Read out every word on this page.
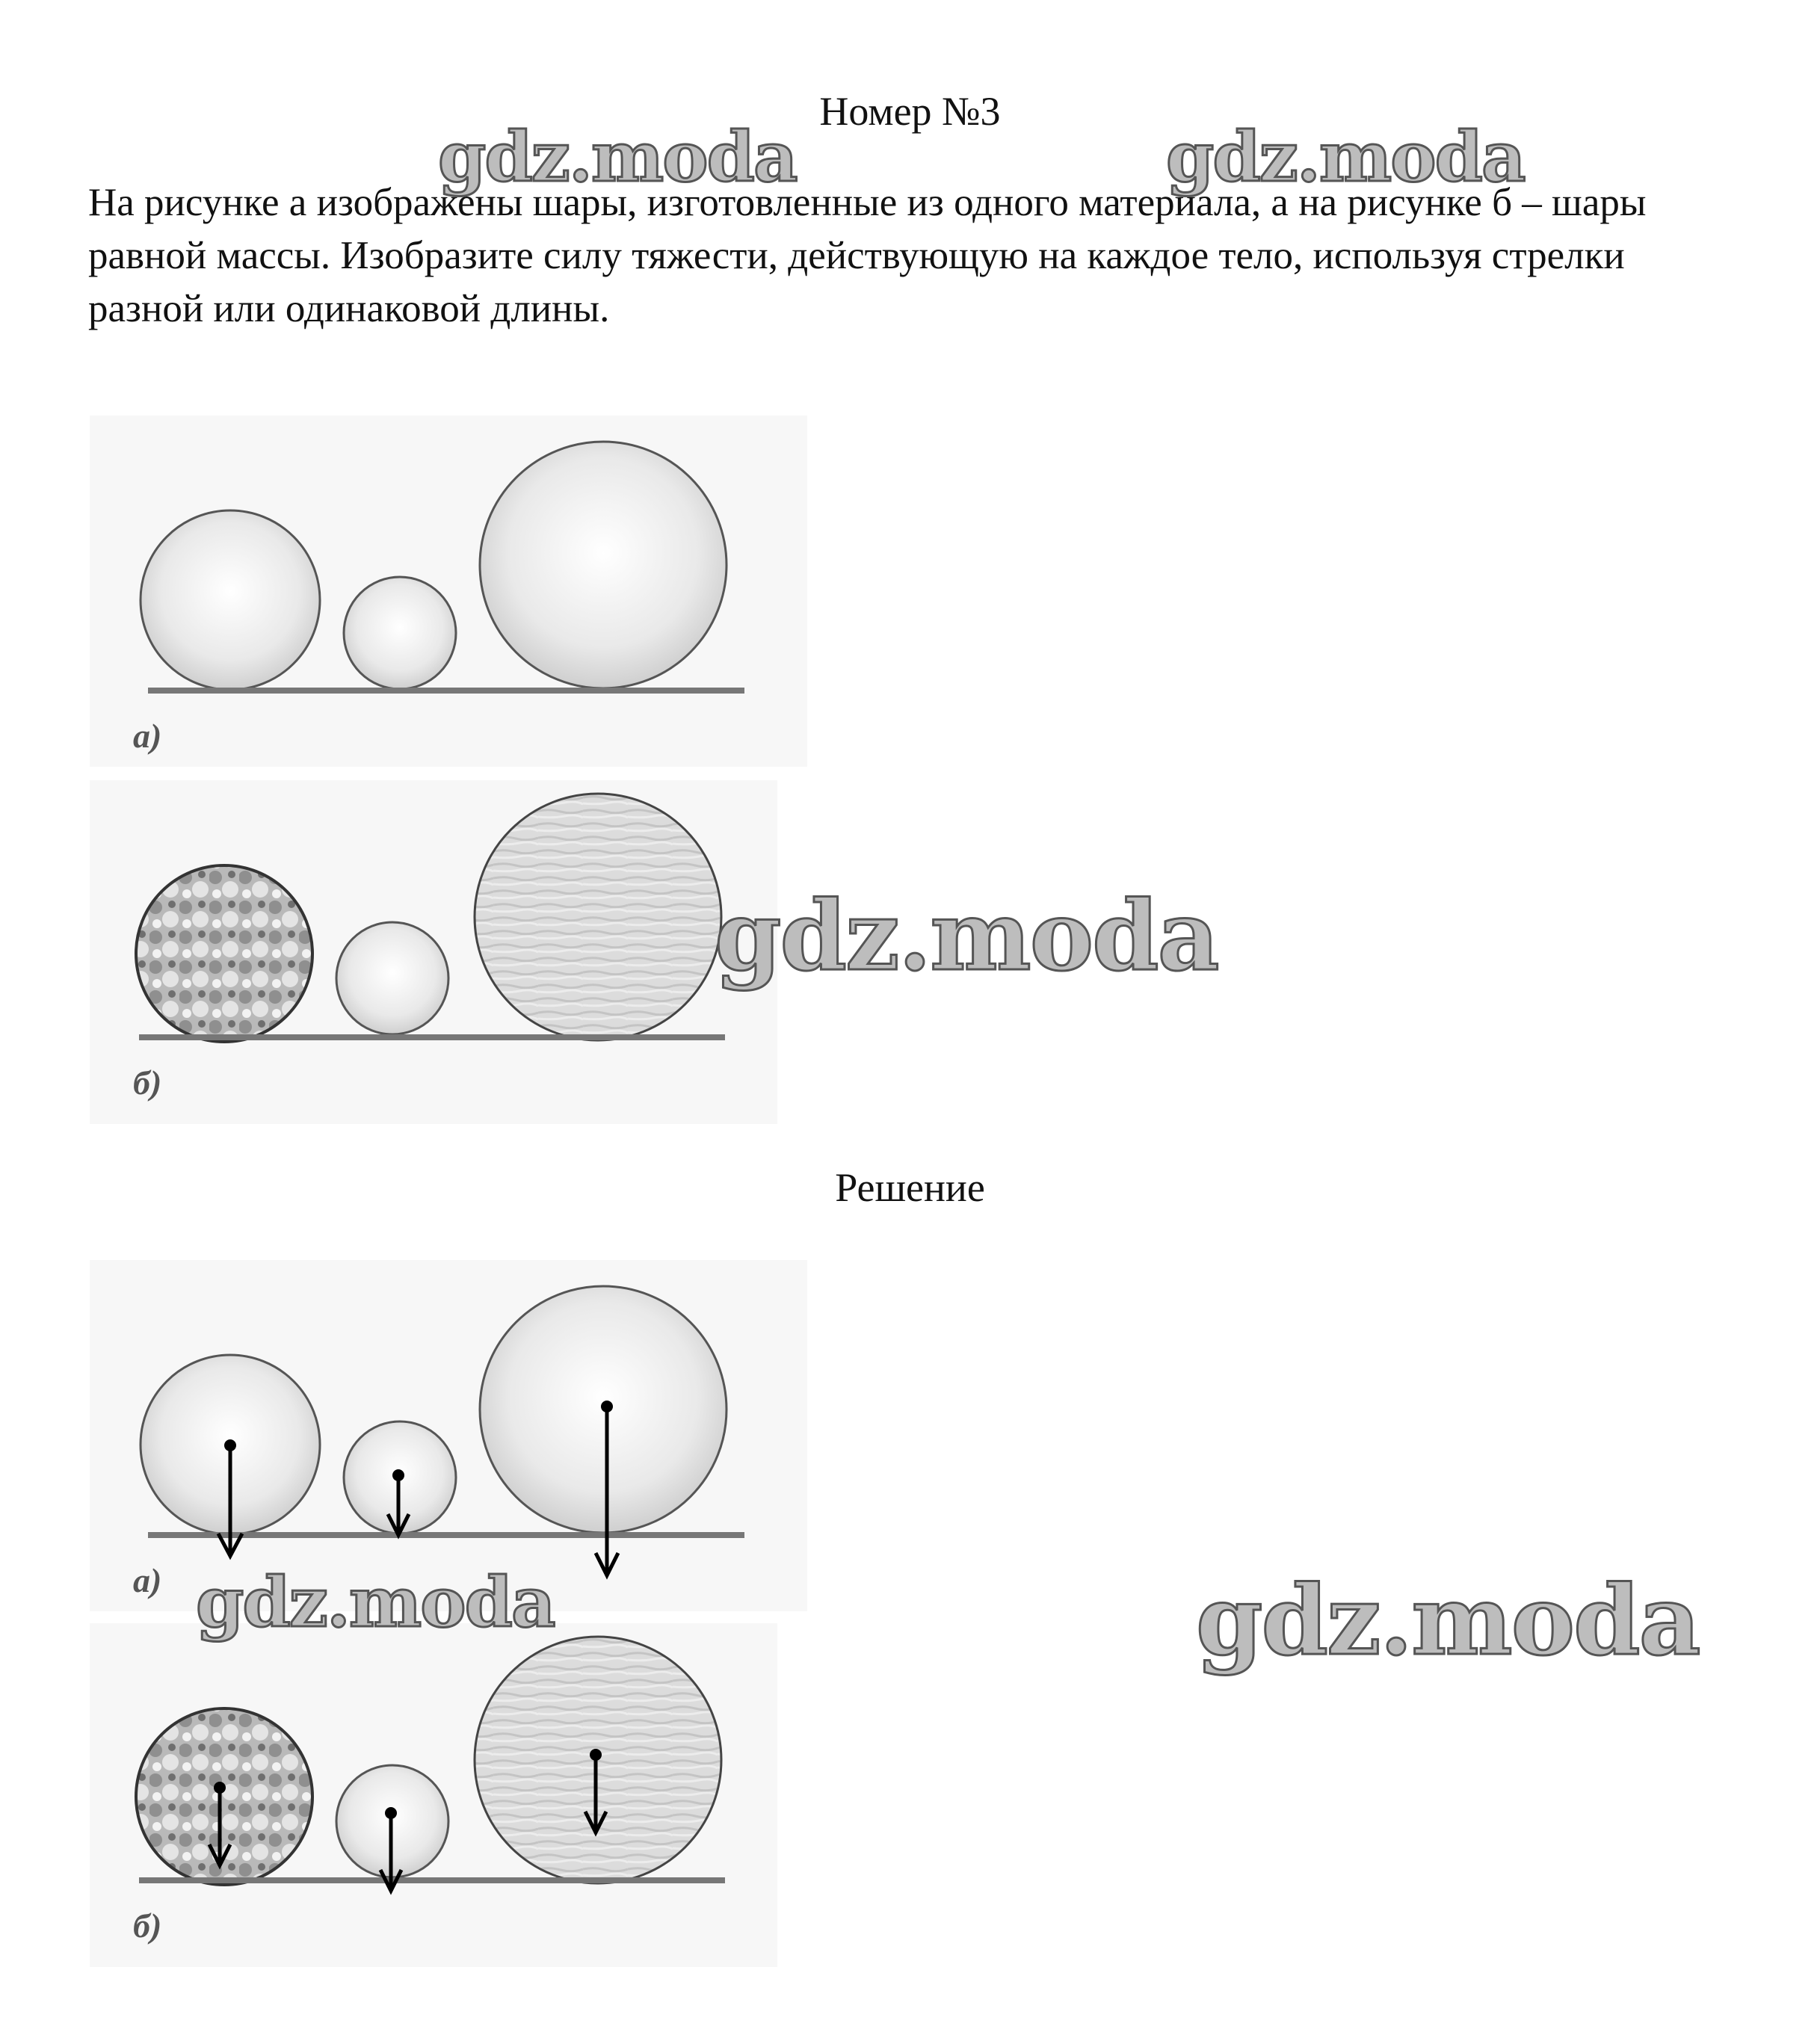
Номер №3
На рисунке а изображены шары, изготовленные из одного материала, а на рисунке б – шары равной массы. Изобразите силу тяжести, действующую на каждое тело, используя стрелки разной или одинаковой длины.
а)
б)
gdz.moda	gdz.moda
gdz.moda
Решение
а)
б)
gdz.moda	gdz.moda
